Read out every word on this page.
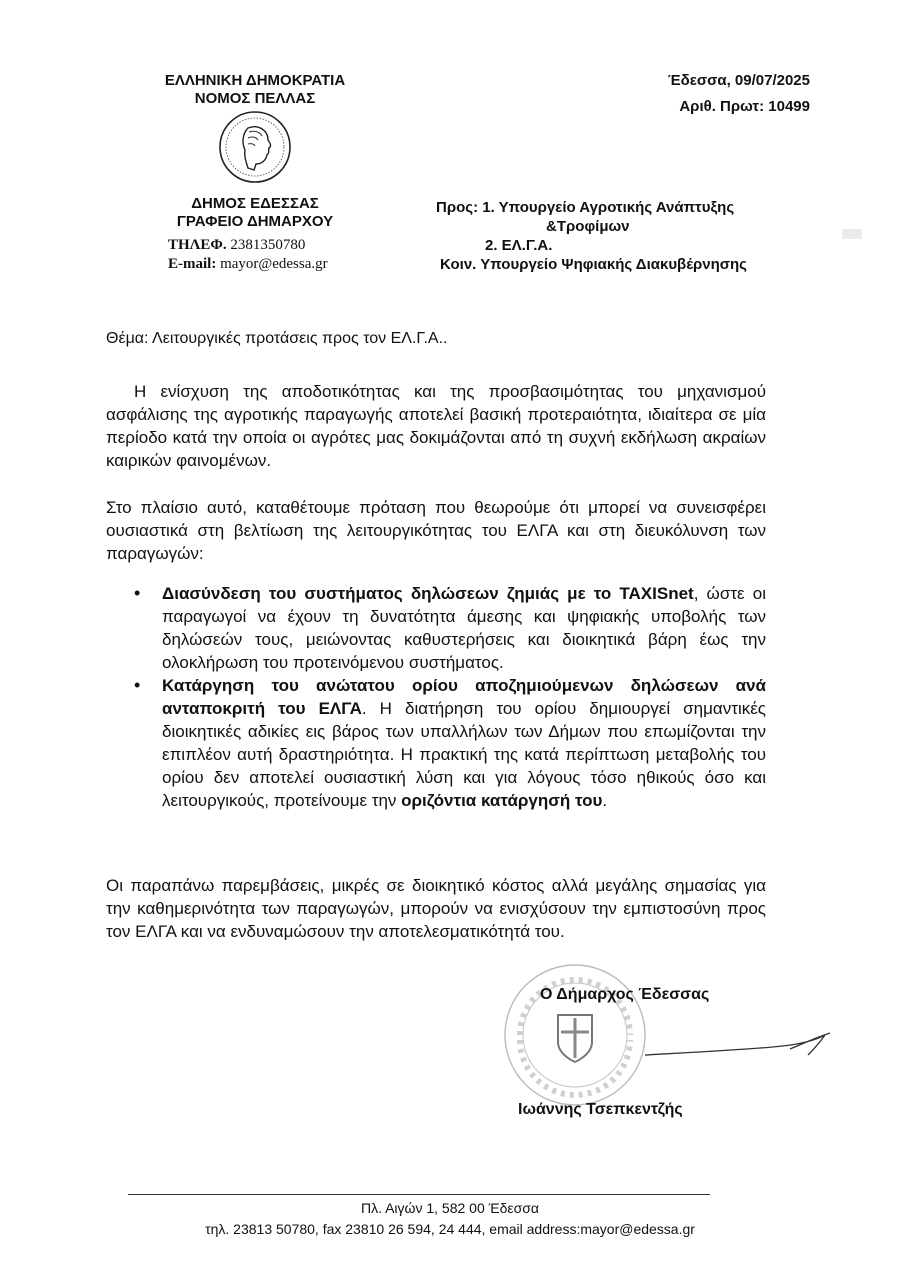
ΕΛΛΗΝΙΚΗ ΔΗΜΟΚΡΑΤΙΑ
ΝΟΜΟΣ ΠΕΛΛΑΣ
ΔΗΜΟΣ ΕΔΕΣΣΑΣ
ΓΡΑΦΕΙΟ ΔΗΜΑΡΧΟΥ
ΤΗΛΕΦ. 2381350780
E-mail: mayor@edessa.gr
Έδεσσα, 09/07/2025
Αριθ. Πρωτ: 10499
Προς: 1. Υπουργείο Αγροτικής Ανάπτυξης
&Τροφίμων
2. ΕΛ.Γ.Α.
Κοιν. Υπουργείο Ψηφιακής Διακυβέρνησης
Θέμα: Λειτουργικές προτάσεις προς τον ΕΛ.Γ.Α..
Η ενίσχυση της αποδοτικότητας και της προσβασιμότητας του μηχανισμού ασφάλισης της αγροτικής παραγωγής αποτελεί βασική προτεραιότητα, ιδιαίτερα σε μία περίοδο κατά την οποία οι αγρότες μας δοκιμάζονται από τη συχνή εκδήλωση ακραίων καιρικών φαινομένων.
Στο πλαίσιο αυτό, καταθέτουμε πρόταση που θεωρούμε ότι μπορεί να συνεισφέρει ουσιαστικά στη βελτίωση της λειτουργικότητας του ΕΛΓΑ και στη διευκόλυνση των παραγωγών:
• Διασύνδεση του συστήματος δηλώσεων ζημιάς με το TAXISnet, ώστε οι παραγωγοί να έχουν τη δυνατότητα άμεσης και ψηφιακής υποβολής των δηλώσεών τους, μειώνοντας καθυστερήσεις και διοικητικά βάρη έως την ολοκλήρωση του προτεινόμενου συστήματος.
• Κατάργηση του ανώτατου ορίου αποζημιούμενων δηλώσεων ανά ανταποκριτή του ΕΛΓΑ. Η διατήρηση του ορίου δημιουργεί σημαντικές διοικητικές αδικίες εις βάρος των υπαλλήλων των Δήμων που επωμίζονται την επιπλέον αυτή δραστηριότητα. Η πρακτική της κατά περίπτωση μεταβολής του ορίου δεν αποτελεί ουσιαστική λύση και για λόγους τόσο ηθικούς όσο και λειτουργικούς, προτείνουμε την οριζόντια κατάργησή του.
Οι παραπάνω παρεμβάσεις, μικρές σε διοικητικό κόστος αλλά μεγάλης σημασίας για την καθημερινότητα των παραγωγών, μπορούν να ενισχύσουν την εμπιστοσύνη προς τον ΕΛΓΑ και να ενδυναμώσουν την αποτελεσματικότητά του.
Ο Δήμαρχος Έδεσσας
Ιωάννης Τσεπκεντζής
Πλ. Αιγών 1, 582 00 Έδεσσα
τηλ. 23813 50780, fax 23810 26 594, 24 444, email address:mayor@edessa.gr
